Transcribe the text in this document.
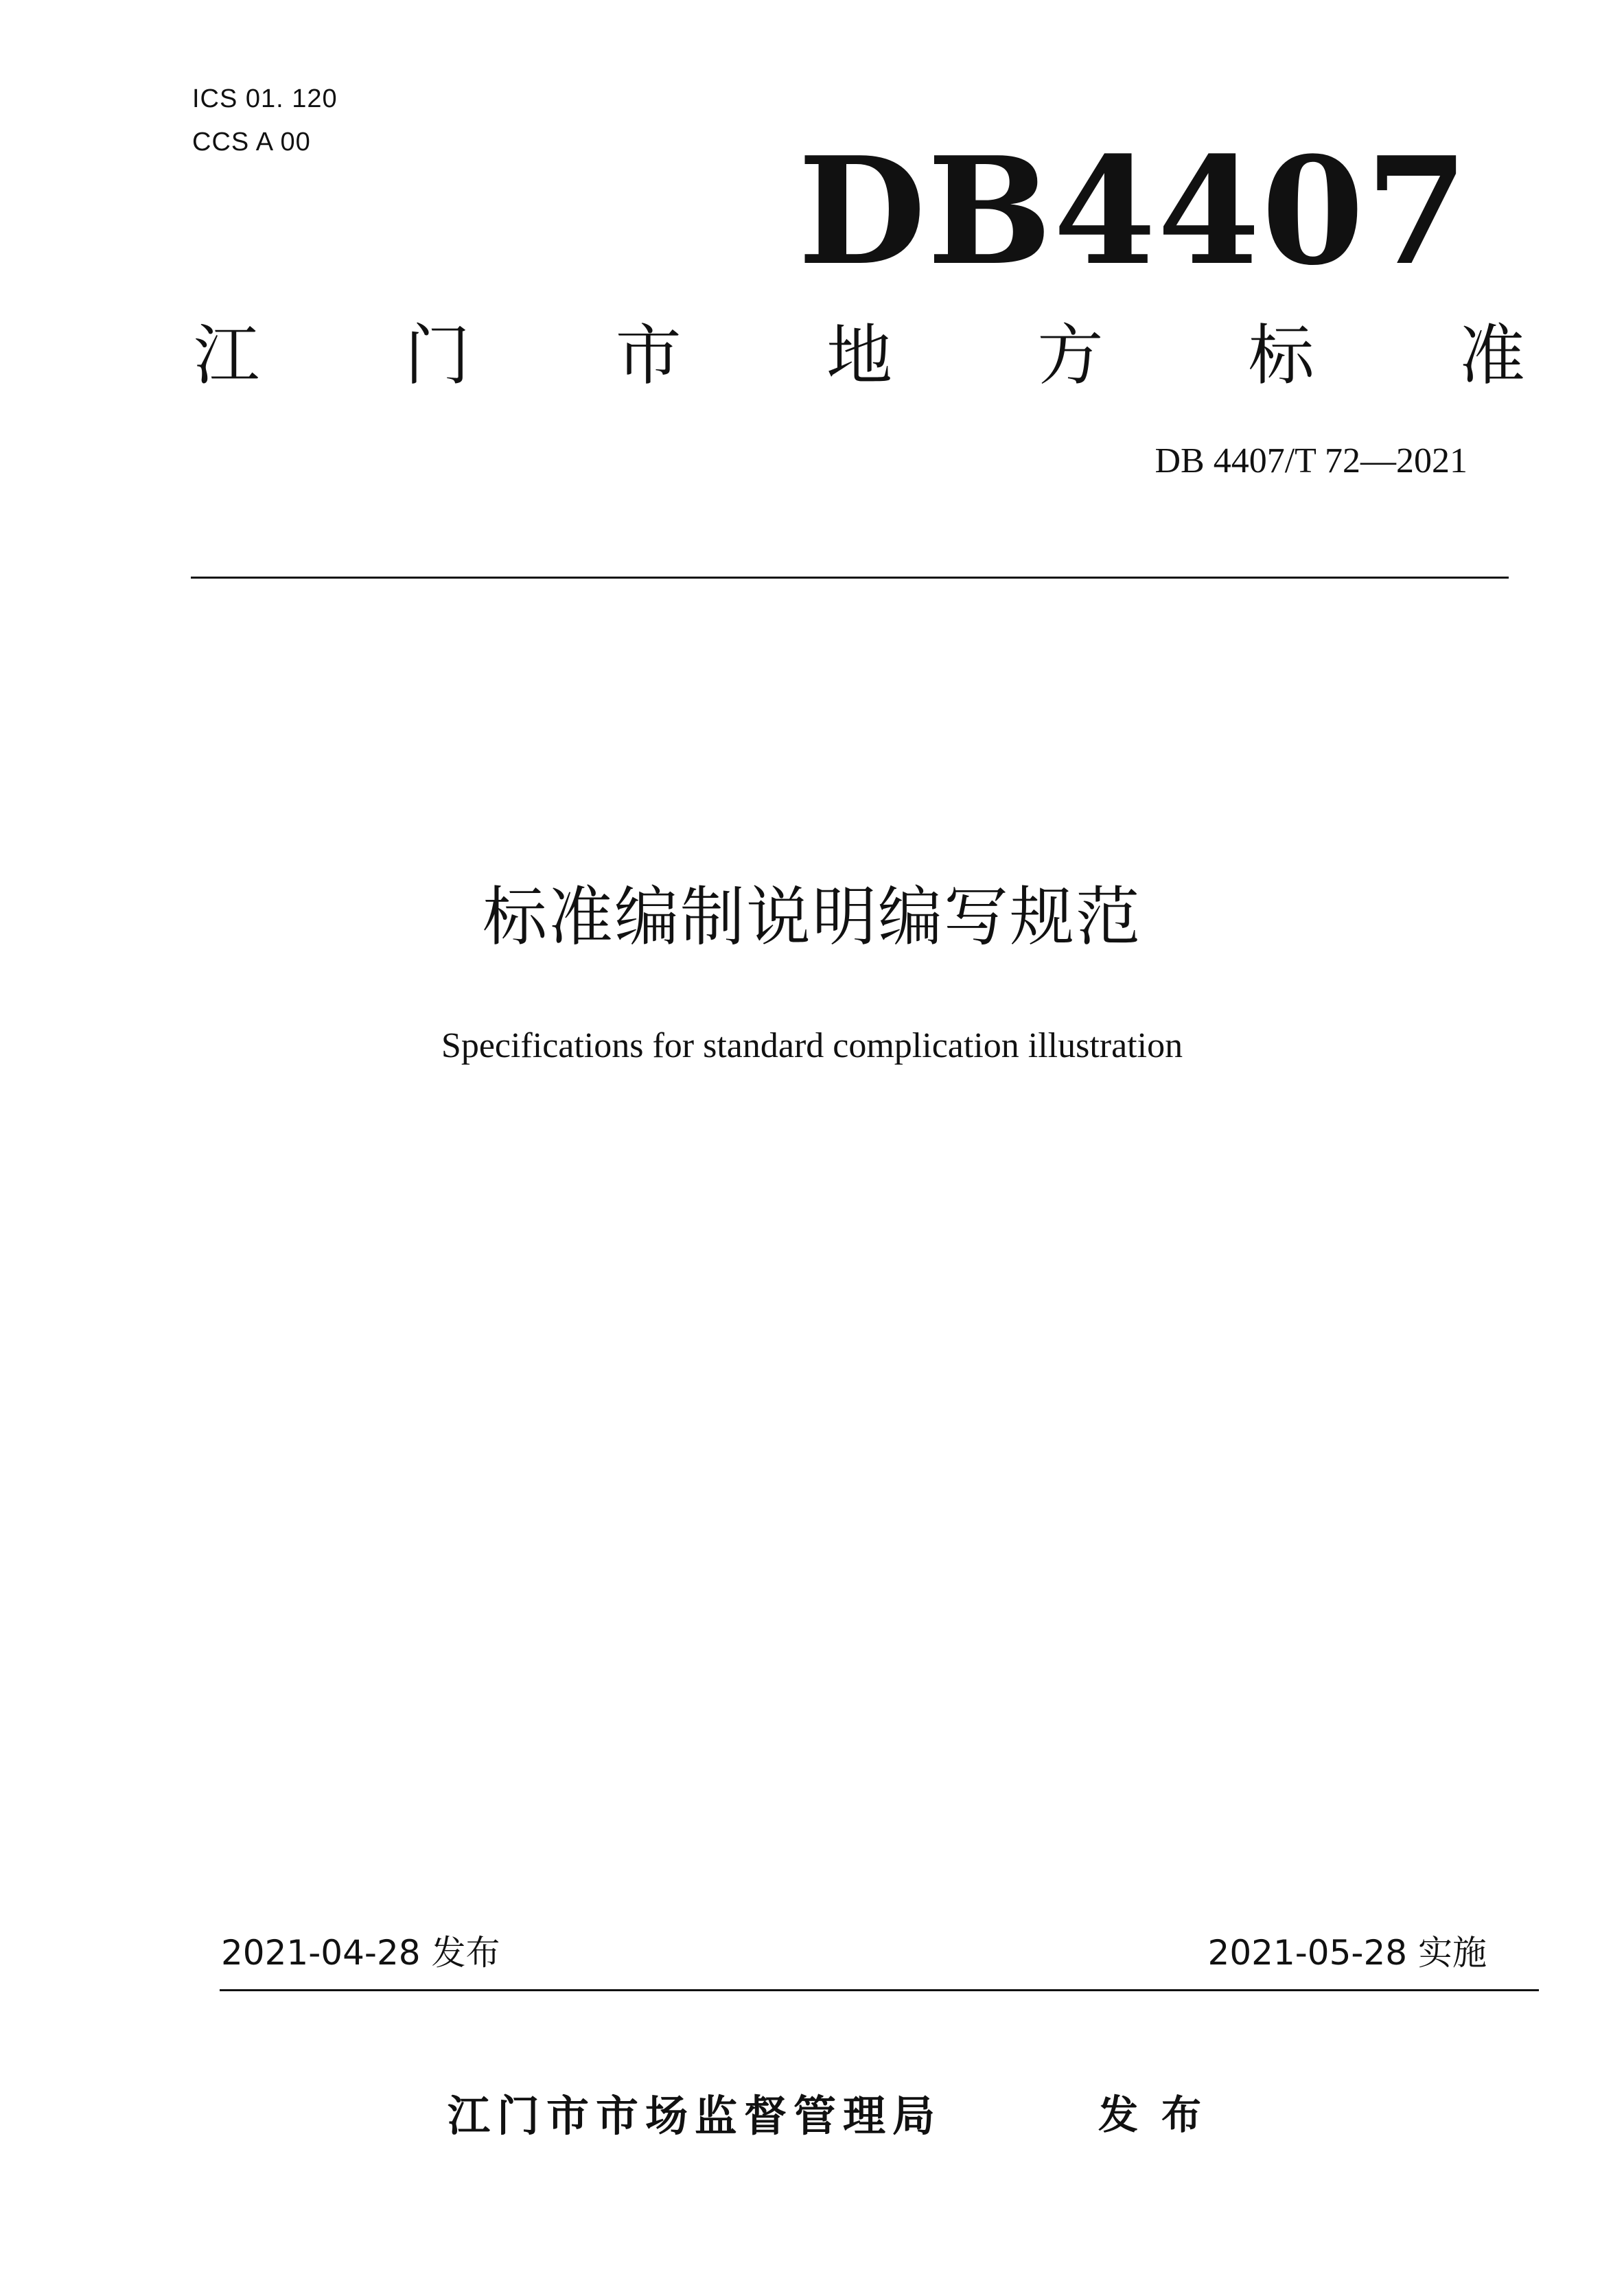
ICS 01. 120
CCS A 00	DB4407
江 门 市 地 方 标 准
DB 4407/T 72—2021
标准编制说明编写规范
Specifications for standard complication illustration
2021-04-28 发布	2021-05-28 实施
江门市市场监督管理局	发布
